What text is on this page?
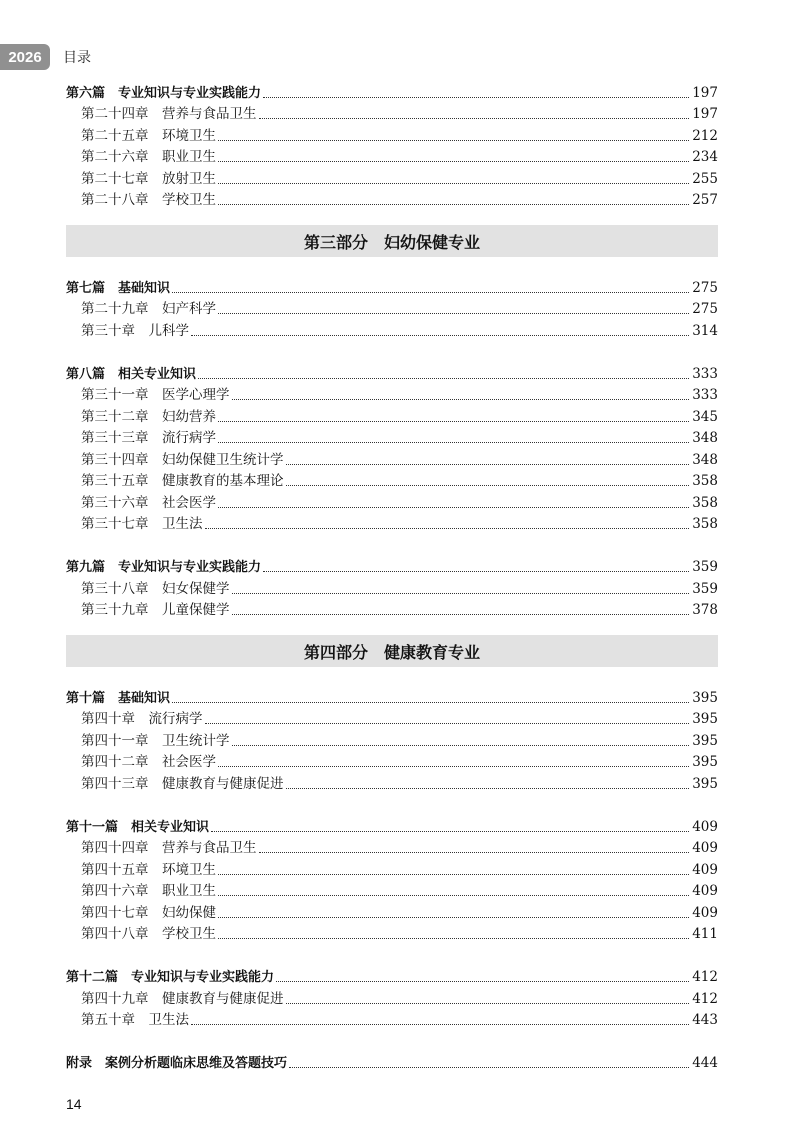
2026	目录
第六篇　专业知识与专业实践能力	197
第二十四章　营养与食品卫生	197
第二十五章　环境卫生	212
第二十六章　职业卫生	234
第二十七章　放射卫生	255
第二十八章　学校卫生	257
第三部分　妇幼保健专业
第七篇　基础知识	275
第二十九章　妇产科学	275
第三十章　儿科学	314
第八篇　相关专业知识	333
第三十一章　医学心理学	333
第三十二章　妇幼营养	345
第三十三章　流行病学	348
第三十四章　妇幼保健卫生统计学	348
第三十五章　健康教育的基本理论	358
第三十六章　社会医学	358
第三十七章　卫生法	358
第九篇　专业知识与专业实践能力	359
第三十八章　妇女保健学	359
第三十九章　儿童保健学	378
第四部分　健康教育专业
第十篇　基础知识	395
第四十章　流行病学	395
第四十一章　卫生统计学	395
第四十二章　社会医学	395
第四十三章　健康教育与健康促进	395
第十一篇　相关专业知识	409
第四十四章　营养与食品卫生	409
第四十五章　环境卫生	409
第四十六章　职业卫生	409
第四十七章　妇幼保健	409
第四十八章　学校卫生	411
第十二篇　专业知识与专业实践能力	412
第四十九章　健康教育与健康促进	412
第五十章　卫生法	443
附录　案例分析题临床思维及答题技巧	444
14
